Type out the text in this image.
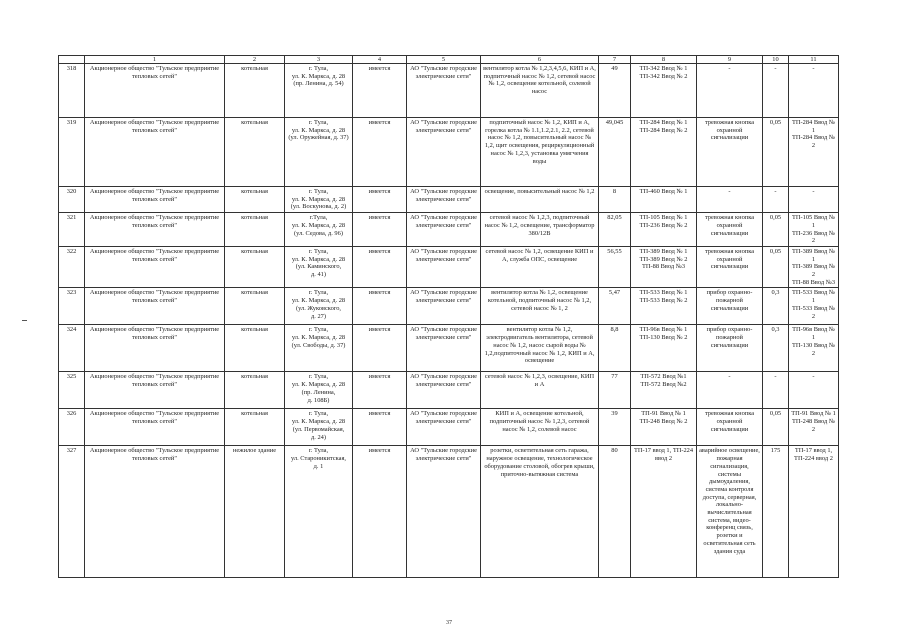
	1	2	3	4	5	6	7	8	9	10	11
318	Акционерное общество "Тульское предприятие тепловых сетей"	котельная	г. Тула,
ул. К. Маркса, д. 28
(пр. Ленина, д. 54)	имеется	АО "Тульские городские электрические сети"	вентилятор котла № 1,2,3,4,5,6, КИП и А, подпиточный насос № 1,2, сетевой насос № 1,2, освещение котельной, солевой насос	49	ТП-342 Ввод № 1
ТП-342 Ввод № 2	-	-	-
319	Акционерное общество "Тульское предприятие тепловых сетей"	котельная	г. Тула,
ул. К. Маркса, д. 28
(ул. Оружейная, д. 37)	имеется	АО "Тульские городские электрические сети"	подпиточный насос № 1,2, КИП и А, горелка котла № 1.1,1.2,2.1, 2.2, сетевой насос № 1,2, повысительный насос № 1,2, щит освещения, рециркуляционный насос № 1,2,3, установка умягчения воды	49,045	ТП-284 Ввод № 1
ТП-284 Ввод № 2	тревожная кнопка охранной сигнализации	0,05	ТП-284 Ввод № 1
ТП-284 Ввод № 2
320	Акционерное общество "Тульское предприятие тепловых сетей"	котельная	г. Тула,
ул. К. Маркса, д. 28
(ул. Воскунова, д. 2)	имеется	АО "Тульские городские электрические сети"	освещение, повысительный насос № 1,2	8	ТП-460 Ввод № 1	-	-	-
321	Акционерное общество "Тульское предприятие тепловых сетей"	котельная	г.Тула,
ул. К. Маркса, д. 28
(ул. Седова, д. 96)	имеется	АО "Тульские городские электрические сети"	сетевой насос № 1,2,3, подпиточный насос № 1,2, освещение, трансформатор 380/12В	82,05	ТП-105 Ввод № 1
ТП-236 Ввод № 2	тревожная кнопка охранной сигнализации	0,05	ТП-105 Ввод № 1
ТП-236 Ввод № 2
322	Акционерное общество "Тульское предприятие тепловых сетей"	котельная	г. Тула,
ул. К. Маркса, д. 28
(ул. Каминского,
д. 41)	имеется	АО "Тульские городские электрические сети"	сетевой насос № 1,2, освещение КИП и А, служба ОПС, освещение	56,55	ТП-389 Ввод № 1
ТП-389 Ввод № 2
ТП-88 Ввод №3	тревожная кнопка охранной сигнализации	0,05	ТП-389 Ввод № 1
ТП-389 Ввод № 2
ТП-88 Ввод №3
323	Акционерное общество "Тульское предприятие тепловых сетей"	котельная	г. Тула,
ул. К. Маркса, д. 28
(ул. Жуковского,
д. 27)	имеется	АО "Тульские городские электрические сети"	вентилятор котла № 1,2, освещение котельной, подпиточный насос № 1,2, сетевой насос № 1, 2	5,47	ТП-533 Ввод № 1
ТП-533 Ввод № 2	прибор охранно-пожарной сигнализации	0,3	ТП-533 Ввод № 1
ТП-533 Ввод № 2
324	Акционерное общество "Тульское предприятие тепловых сетей"	котельная	г. Тула,
ул. К. Маркса, д. 28
(ул. Свободы, д. 37)	имеется	АО "Тульские городские электрические сети"	вентилятор котла № 1,2, электродвигатель вентилятора, сетевой насос № 1,2, насос сырой воды № 1,2,подпиточный насос № 1,2, КИП и А, освещение	8,8	ТП-96в Ввод № 1
ТП-130 Ввод № 2	прибор охранно-пожарной сигнализации	0,3	ТП-96в Ввод № 1
ТП-130 Ввод № 2
325	Акционерное общество "Тульское предприятие тепловых сетей"	котельная	г. Тула,
ул. К. Маркса, д. 28
(пр. Ленина,
д. 108Б)	имеется	АО "Тульские городские электрические сети"	сетевой насос № 1,2,3, освещение, КИП и А	77	ТП-572 Ввод №1
ТП-572 Ввод №2	-	-	-
326	Акционерное общество "Тульское предприятие тепловых сетей"	котельная	г. Тула,
ул. К. Маркса, д. 28
(ул. Первомайская,
д. 24)	имеется	АО "Тульские городские электрические сети"	КИП и А, освещение котельной, подпиточный насос № 1,2,3, сетевой насос № 1,2, солевой насос	39	ТП-91 Ввод № 1
ТП-248 Ввод № 2	тревожная кнопка охранной сигнализации	0,05	ТП-91 Ввод № 1
ТП-248 Ввод № 2
327	Акционерное общество "Тульское предприятие тепловых сетей"	нежилое здание	г. Тула,
ул. Староникитская,
д. 1	имеется	АО "Тульские городские электрические сети"	розетки, осветительная сеть гаража, наружное освещение, технологическое оборудование столовой, обогрев крыши, приточно-вытяжная система	80	ТП-17 ввод 1, ТП-224 ввод 2	аварийное освещение, пожарная сигнализация, системы дымоудаления, система контроля доступа, серверная, локально-вычислительная система, видео-конференц связь, розетки и осветительная сеть здания суда	175	ТП-17 ввод 1, ТП-224 ввод 2
37
